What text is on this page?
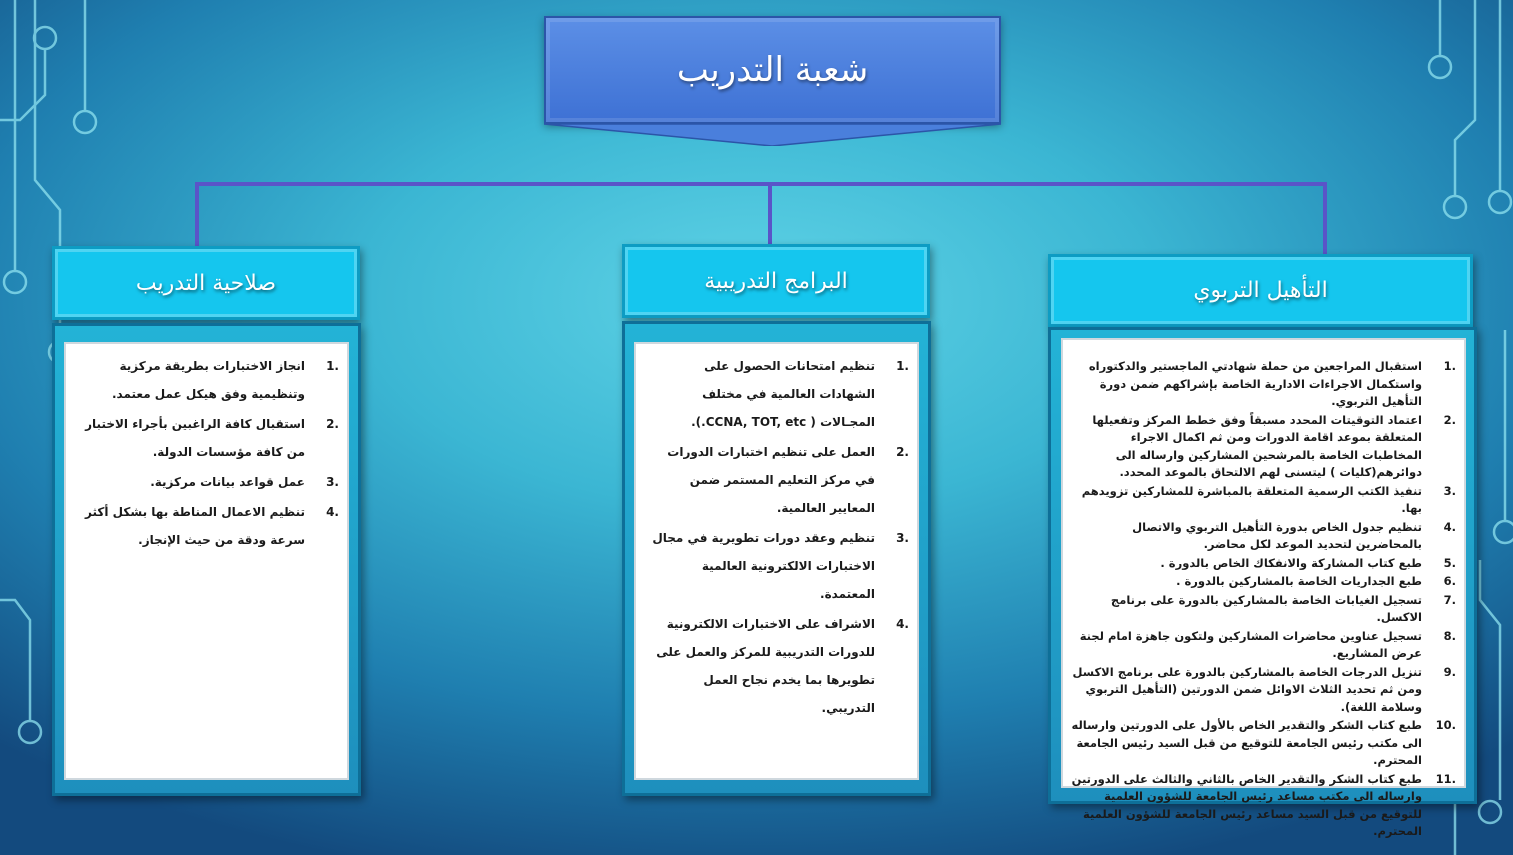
شعبة التدريب
التأهيل التربوي
1.
استقبال المراجعين من حملة شهادتي الماجستير والدكتوراه واستكمال الاجراءات الادارية الخاصة بإشراكهم ضمن دورة التأهيل التربوي.
2.
اعتماد التوقيتات المحدد مسبقاً وفق خطط المركز وتفعيلها المتعلقة بموعد اقامة الدورات ومن ثم اكمال الاجراء المخاطبات الخاصة بالمرشحين المشاركين وارساله الى دوائرهم(كليات ) ليتسنى لهم الالتحاق بالموعد المحدد.
3.
تنفيذ الكتب الرسمية المتعلقة بالمباشرة للمشاركين تزويدهم بها.
4.
تنظيم جدول الخاص بدورة التأهيل التربوي والاتصال بالمحاضرين لتحديد الموعد لكل محاضر.
5.
طبع كتاب المشاركة والانفكاك الخاص بالدورة .
6.
طبع الجداريات الخاصة بالمشاركين بالدورة .
7.
تسجيل الغيابات الخاصة بالمشاركين بالدورة على برنامج الاكسل.
8.
تسجيل عناوين محاضرات المشاركين ولتكون جاهزة امام لجنة عرض المشاريع.
9.
تنزيل الدرجات الخاصة بالمشاركين بالدورة على برنامج الاكسل ومن ثم تحديد الثلاث الاوائل ضمن الدورتين (التأهيل التربوي وسلامة اللغة).
10.
طبع كتاب الشكر والتقدير الخاص بالأول على الدورتين وارساله الى مكتب رئيس الجامعة للتوقيع من قبل السيد رئيس الجامعة المحترم.
11.
طبع كتاب الشكر والتقدير الخاص بالثاني والثالث على الدورتين وارساله الى مكتب مساعد رئيس الجامعة للشؤون العلمية للتوقيع من قبل السيد مساعد رئيس الجامعة للشؤون العلمية المحترم.
البرامج التدريبية
1.
تنظيم امتحانات الحصول على الشهادات العالمية في مختلف المجـالات ( CCNA, TOT, etc.).
2.
العمل على تنظيم اختبارات الدورات في مركز التعليم المستمر ضمن المعايير العالمية.
3.
تنظيم وعقد دورات تطويرية في مجال الاختبارات الالكترونية العالمية المعتمدة.
4.
الاشراف على الاختبارات الالكترونية للدورات التدريبية للمركز والعمل على تطويرها بما يخدم نجاح العمل التدريبي.
صلاحية التدريب
1.
انجاز الاختبارات بطريقة مركزية وتنظيمية وفق هيكل عمل معتمد.
2.
استقبال كافة الراغبين بأجراء الاختبار من كافة مؤسسات الدولة.
3.
عمل قواعد بيانات مركزية.
4.
تنظيم الاعمال المناطة بها بشكل أكثر سرعة ودقة من حيث الإنجاز.
